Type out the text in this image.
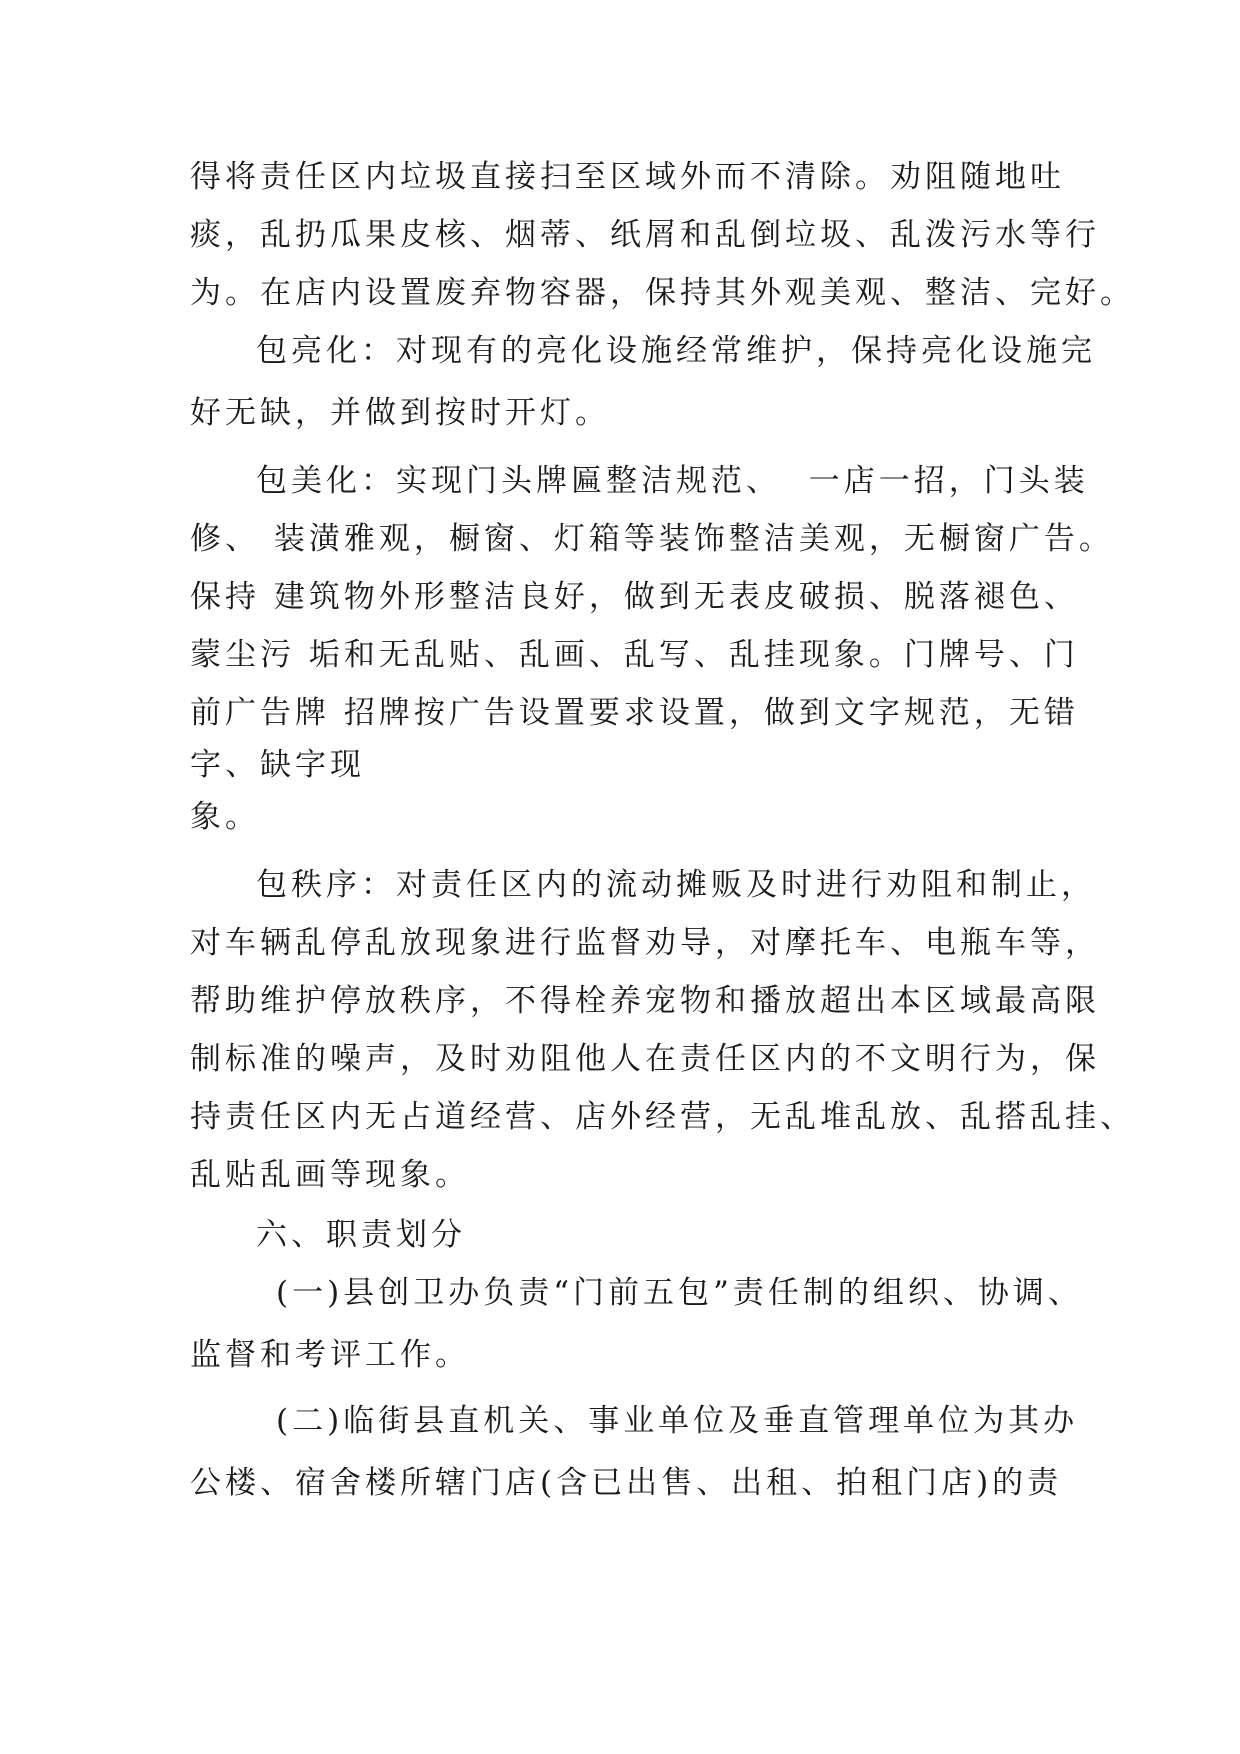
得将责任区内垃圾直接扫至区域外而不清除。劝阻随地吐
痰，乱扔瓜果皮核、烟蒂、纸屑和乱倒垃圾、乱泼污水等行
为。在店内设置废弃物容器，保持其外观美观、整洁、完好。
包亮化：对现有的亮化设施经常维护，保持亮化设施完
好无缺，并做到按时开灯。
包美化：实现门头牌匾整洁规范、  一店一招，门头装
修、 装潢雅观，橱窗、灯箱等装饰整洁美观，无橱窗广告。
保持 建筑物外形整洁良好，做到无表皮破损、脱落褪色、
蒙尘污 垢和无乱贴、乱画、乱写、乱挂现象。门牌号、门
前广告牌 招牌按广告设置要求设置，做到文字规范，无错
字、缺字现
象。
包秩序：对责任区内的流动摊贩及时进行劝阻和制止，
对车辆乱停乱放现象进行监督劝导，对摩托车、电瓶车等，
帮助维护停放秩序，不得栓养宠物和播放超出本区域最高限
制标准的噪声，及时劝阻他人在责任区内的不文明行为，保
持责任区内无占道经营、店外经营，无乱堆乱放、乱搭乱挂、
乱贴乱画等现象。
六、职责划分
(一)县创卫办负责“门前五包”责任制的组织、协调、
监督和考评工作。
(二)临街县直机关、事业单位及垂直管理单位为其办
公楼、宿舍楼所辖门店(含已出售、出租、拍租门店)的责
